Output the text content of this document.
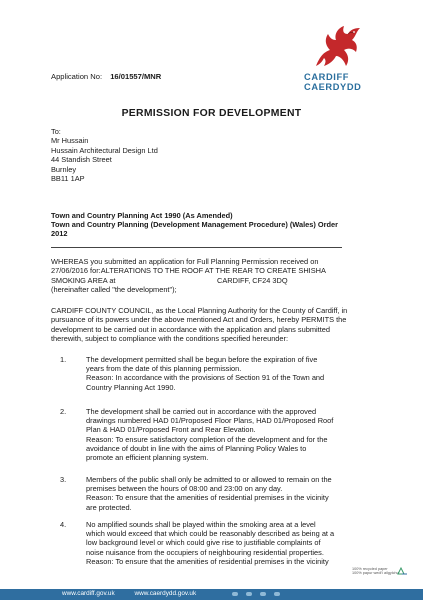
CARDIFF
CAERDYDD
Application No: 16/01557/MNR
PERMISSION FOR DEVELOPMENT
To:
Mr Hussain
Hussain Architectural Design Ltd
44 Standish Street
Burnley
BB11 1AP
Town and Country Planning Act 1990 (As Amended)
Town and Country Planning (Development Management Procedure) (Wales) Order
2012
WHEREAS you submitted an application for Full Planning Permission received on
27/06/2016 for:ALTERATIONS TO THE ROOF AT THE REAR TO CREATE SHISHA
SMOKING AREA at	CARDIFF, CF24 3DQ
(hereinafter called "the development");
CARDIFF COUNTY COUNCIL, as the Local Planning Authority for the County of Cardiff, in
pursuance of its powers under the above mentioned Act and Orders, hereby PERMITS the
development to be carried out in accordance with the application and plans submitted
therewith, subject to compliance with the conditions specified hereunder:
1.	The development permitted shall be begun before the expiration of five
years from the date of this planning permission.
Reason: In accordance with the provisions of Section 91 of the Town and
Country Planning Act 1990.
2.	The development shall be carried out in accordance with the approved
drawings numbered HAD 01/Proposed Floor Plans, HAD 01/Proposed Roof
Plan & HAD 01/Proposed Front and Rear Elevation.
Reason: To ensure satisfactory completion of the development and for the
avoidance of doubt in line with the aims of Planning Policy Wales to
promote an efficient planning system.
3.	Members of the public shall only be admitted to or allowed to remain on the
premises between the hours of 08:00 and 23:00 on any day.
Reason: To ensure that the amenities of residential premises in the vicinity
are protected.
4.	No amplified sounds shall be played within the smoking area at a level
which would exceed that which could be reasonably described as being at a
low background level or which could give rise to justifiable complaints of
noise nuisance from the occupiers of neighbouring residential properties.
Reason: To ensure that the amenities of residential premises in the vicinity
100% recycled paper
100% papur wedi'i ailgylchu
www.cardiff.gov.uk	www.caerdydd.gov.uk
